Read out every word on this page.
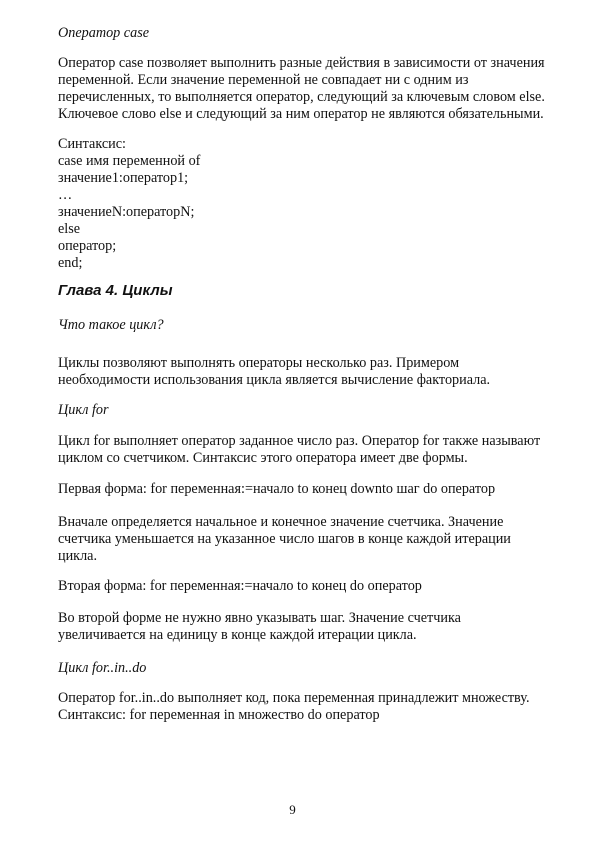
Оператор case
Оператор case позволяет выполнить разные действия в зависимости от значения
переменной. Если значение переменной не совпадает ни с одним из
перечисленных, то выполняется оператор, следующий за ключевым словом else.
Ключевое слово else и следующий за ним оператор не являются обязательными.
Синтаксис:
case имя переменной of
значение1:оператор1;
…
значениеN:операторN;
else
оператор;
end;
Глава 4. Циклы
Что такое цикл?
Циклы позволяют выполнять операторы несколько раз. Примером
необходимости использования цикла является вычисление факториала.
Цикл for
Цикл for выполняет оператор заданное число раз. Оператор for также называют
циклом со счетчиком. Синтаксис этого оператора имеет две формы.
Первая форма: for переменная:=начало to конец downto шаг do оператор
Вначале определяется начальное и конечное значение счетчика. Значение
счетчика уменьшается на указанное число шагов в конце каждой итерации
цикла.
Вторая форма: for переменная:=начало to конец do оператор
Во второй форме не нужно явно указывать шаг. Значение счетчика
увеличивается на единицу в конце каждой итерации цикла.
Цикл for..in..do
Оператор for..in..do выполняет код, пока переменная принадлежит множеству.
Синтаксис: for переменная in множество do оператор
9
